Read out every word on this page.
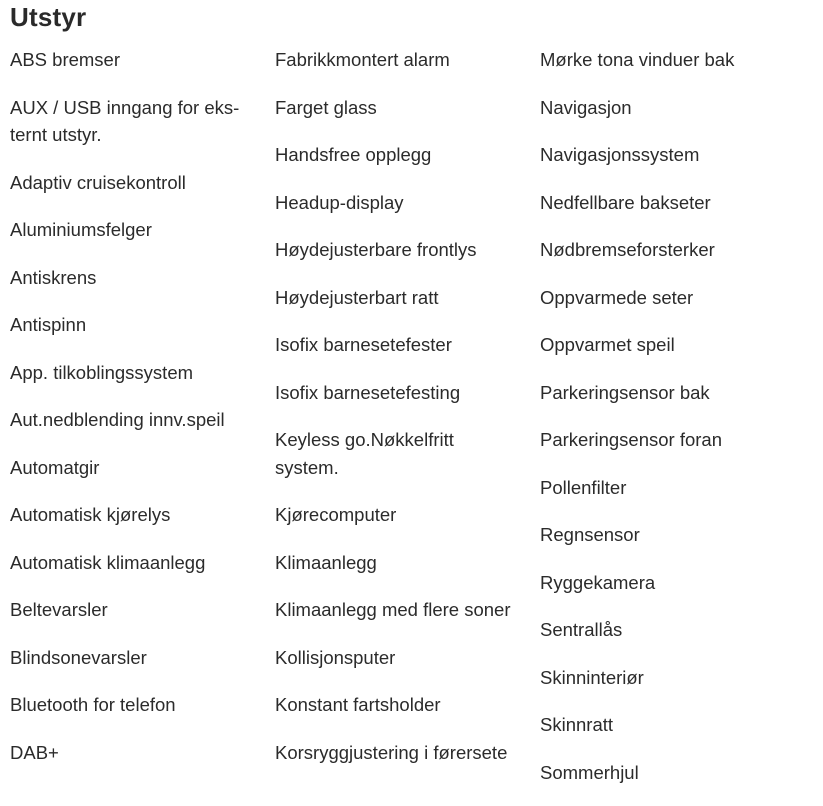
Utstyr
ABS bremser
AUX / USB inngang for eks-
ternt utstyr.
Adaptiv cruisekontroll
Aluminiumsfelger
Antiskrens
Antispinn
App. tilkoblingssystem
Aut.nedblending innv.speil
Automatgir
Automatisk kjørelys
Automatisk klimaanlegg
Beltevarsler
Blindsonevarsler
Bluetooth for telefon
DAB+
Fabrikkmontert alarm
Farget glass
Handsfree opplegg
Headup-display
Høydejusterbare frontlys
Høydejusterbart ratt
Isofix barnesetefester
Isofix barnesetefesting
Keyless go.Nøkkelfritt
system.
Kjørecomputer
Klimaanlegg
Klimaanlegg med flere soner
Kollisjonsputer
Konstant fartsholder
Korsryggjustering i førersete
Mørke tona vinduer bak
Navigasjon
Navigasjonssystem
Nedfellbare bakseter
Nødbremseforsterker
Oppvarmede seter
Oppvarmet speil
Parkeringsensor bak
Parkeringsensor foran
Pollenfilter
Regnsensor
Ryggekamera
Sentrallås
Skinninteriør
Skinnratt
Sommerhjul
